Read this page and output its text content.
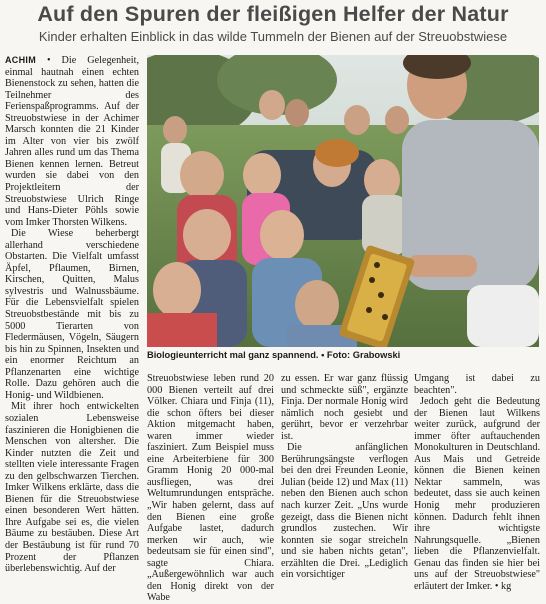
Auf den Spuren der fleißigen Helfer der Natur
Kinder erhalten Einblick in das wilde Tummeln der Bienen auf der Streuobstwiese

ACHIM • Die Gelegenheit, einmal hautnah einen echten Bienenstock zu sehen, hatten die Teilnehmer des Ferienspaßprogramms. Auf der Streuobstwiese in der Achimer Marsch konnten die 21 Kinder im Alter von vier bis zwölf Jahren alles rund um das Thema Bienen kennen lernen. Betreut wurden sie dabei von den Projektleitern der Streuobstwiese Ulrich Ringe und Hans-Dieter Pöhls sowie vom Imker Thorsten Wilkens.

Die Wiese beherbergt allerhand verschiedene Obstarten. Die Vielfalt umfasst Äpfel, Pflaumen, Birnen, Kirschen, Quitten, Malus sylvestris und Walnussbäume. Für die Lebensvielfalt spielen Streuobstbestände mit bis zu 5000 Tierarten von Fledermäusen, Vögeln, Säugern bis hin zu Spinnen, Insekten und ein enormer Reichtum an Pflanzenarten eine wichtige Rolle. Dazu gehören auch die Honig- und Wildbienen.

Mit ihrer hoch entwickelten sozialen Lebensweise faszinieren die Honigbienen die Menschen von altersher. Die Kinder nutzten die Zeit und stellten viele interessante Fragen zu den gelbschwarzen Tierchen. Imker Wilkens erklärte, dass die Bienen für die Streuobstwiese einen besonderen Wert hätten. Ihre Aufgabe sei es, die vielen Bäume zu bestäuben. Diese Art der Bestäubung ist für rund 70 Prozent der Pflanzen überlebenswichtig. Auf der

Biologieunterricht mal ganz spannend. • Foto: Grabowski

Streuobstwiese leben rund 20 000 Bienen verteilt auf drei Völker. Chiara und Finja (11), die schon öfters bei dieser Aktion mitgemacht haben, waren immer wieder fasziniert. Zum Beispiel muss eine Arbeiterbiene für 300 Gramm Honig 20 000-mal ausfliegen, was drei Weltumrundungen entspräche. „Wir haben gelernt, dass auf den Bienen eine große Aufgabe lastet, dadurch merken wir auch, wie bedeutsam sie für einen sind", sagte Chiara. „Außergewöhnlich war auch den Honig direkt von der Wabe

zu essen. Er war ganz flüssig und schmeckte süß", ergänzte Finja. Der normale Honig wird nämlich noch gesiebt und gerührt, bevor er verzehrbar ist.

Die anfänglichen Berührungsängste verflogen bei den drei Freunden Leonie, Julian (beide 12) und Max (11) neben den Bienen auch schon nach kurzer Zeit. „Uns wurde gezeigt, dass die Bienen nicht grundlos zustechen. Wir konnten sie sogar streicheln und sie haben nichts getan", erzählten die Drei. „Lediglich ein vorsichtiger

Umgang ist dabei zu beachten".

Jedoch geht die Bedeutung der Bienen laut Wilkens weiter zurück, aufgrund der immer öfter auftauchenden Monokulturen in Deutschland. Aus Mais und Getreide können die Bienen keinen Nektar sammeln, was bedeutet, dass sie auch keinen Honig mehr produzieren können. Dadurch fehlt ihnen ihre wichtigste Nahrungsquelle. „Bienen lieben die Pflanzenvielfalt. Genau das finden sie hier bei uns auf der Streuobstwiese" erläutert der Imker. • kg
